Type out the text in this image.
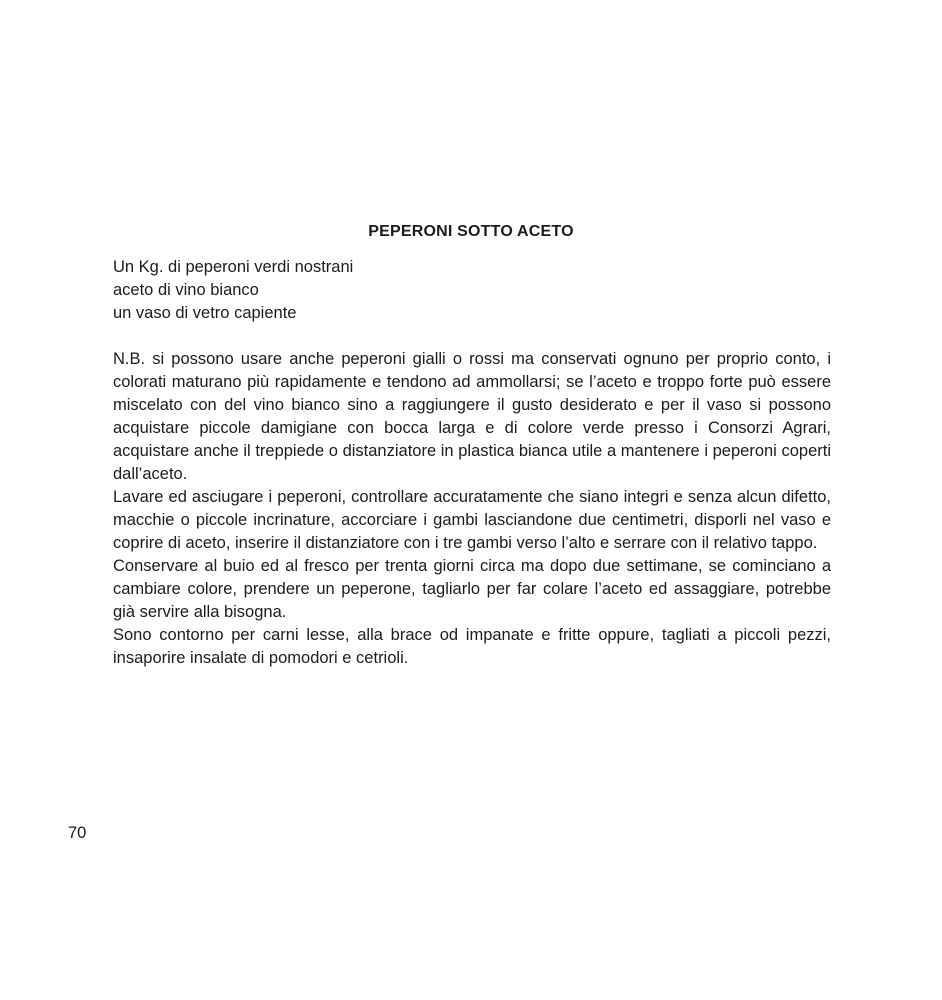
PEPERONI SOTTO ACETO
Un Kg. di peperoni verdi nostrani
aceto di vino bianco
un vaso di vetro capiente

N.B. si possono usare anche peperoni gialli o rossi ma conservati ognuno per proprio conto, i colorati maturano più rapidamente e tendono ad ammollarsi; se l’aceto e troppo forte può essere miscelato con del vino bianco sino a raggiungere il gusto desiderato e per il vaso si possono acquistare piccole damigiane con bocca larga e di colore verde presso i Consorzi Agrari, acquistare anche il treppiede o distanziatore in plastica bianca utile a mantenere i peperoni coperti dall’aceto.

Lavare ed asciugare i peperoni, controllare accuratamente che siano integri e senza alcun difetto, macchie o piccole incrinature, accorciare i gambi lasciandone due centimetri, disporli nel vaso e coprire di aceto, inserire il distanziatore con i tre gambi verso l’alto e serrare con il relativo tappo.

Conservare al buio ed al fresco per trenta giorni circa ma dopo due settimane, se cominciano a cambiare colore, prendere un peperone, tagliarlo per far colare l’aceto ed assaggiare, potrebbe già servire alla bisogna.

Sono contorno per carni lesse, alla brace od impanate e fritte oppure, tagliati a piccoli pezzi, insaporire insalate di pomodori e cetrioli.

70
